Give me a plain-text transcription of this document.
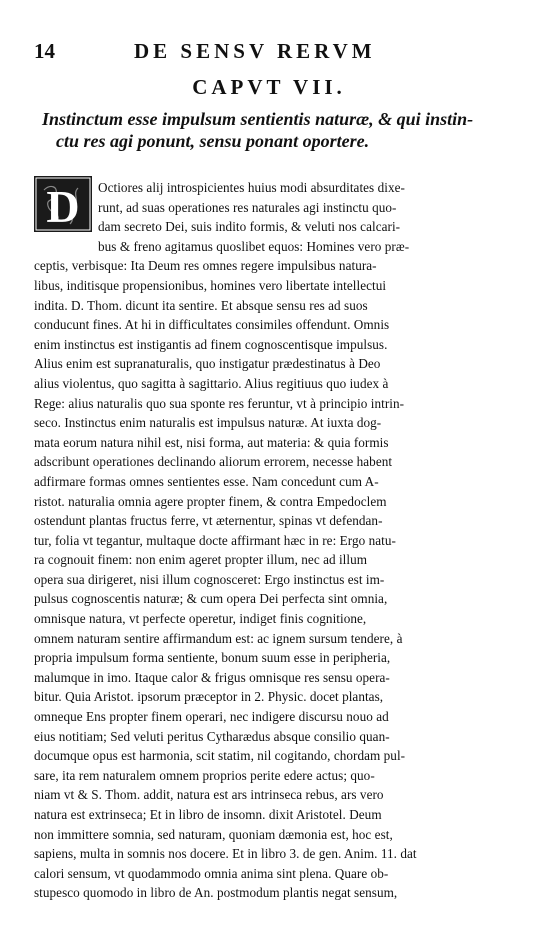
14	DE SENSV RERVM
CAPVT VII.
Instinctum esse impulsum sentientis naturæ, & qui instin-
ctu res agi ponunt, sensu ponant oportere.
D	Octiores alij introspicientes huius modi absurditates dixe-
runt, ad suas operationes res naturales agi instinctu quo-
dam secreto Dei, suis indito formis, & veluti nos calcari-
bus & freno agitamus quoslibet equos: Homines vero præ-
ceptis, verbisque: Ita Deum res omnes regere impulsibus natura-
libus, inditisque propensionibus, homines vero libertate intellectui
indita. D. Thom. dicunt ita sentire. Et absque sensu res ad suos
conducunt fines. At hi in difficultates consimiles offendunt. Omnis
enim instinctus est instigantis ad finem cognoscentisque impulsus.
Alius enim est supranaturalis, quo instigatur prædestinatus à Deo
alius violentus, quo sagitta à sagittario. Alius regitiuus quo iudex à
Rege: alius naturalis quo sua sponte res feruntur, vt à principio intrin-
seco. Instinctus enim naturalis est impulsus naturæ. At iuxta dog-
mata eorum natura nihil est, nisi forma, aut materia: & quia formis
adscribunt operationes declinando aliorum errorem, necesse habent
adfirmare formas omnes sentientes esse. Nam concedunt cum A-
ristot. naturalia omnia agere propter finem, & contra Empedoclem
ostendunt plantas fructus ferre, vt æternentur, spinas vt defendan-
tur, folia vt tegantur, multaque docte affirmant hæc in re: Ergo natu-
ra cognouit finem: non enim ageret propter illum, nec ad illum
opera sua dirigeret, nisi illum cognosceret: Ergo instinctus est im-
pulsus cognoscentis naturæ; & cum opera Dei perfecta sint omnia,
omnisque natura, vt perfecte operetur, indiget finis cognitione,
omnem naturam sentire affirmandum est: ac ignem sursum tendere, à
propria impulsum forma sentiente, bonum suum esse in peripheria,
malumque in imo. Itaque calor & frigus omnisque res sensu opera-
bitur. Quia Aristot. ipsorum præceptor in 2. Physic. docet plantas,
omneque Ens propter finem operari, nec indigere discursu nouo ad
eius notitiam; Sed veluti peritus Cytharædus absque consilio quan-
documque opus est harmonia, scit statim, nil cogitando, chordam pul-
sare, ita rem naturalem omnem proprios perite edere actus; quo-
niam vt & S. Thom. addit, natura est ars intrinseca rebus, ars vero
natura est extrinseca; Et in libro de insomn. dixit Aristotel. Deum
non immittere somnia, sed naturam, quoniam dæmonia est, hoc est,
sapiens, multa in somnis nos docere. Et in libro 3. de gen. Anim. 11. dat
calori sensum, vt quodammodo omnia anima sint plena. Quare ob-
stupesco quomodo in libro de An. postmodum plantis negat sensum,
